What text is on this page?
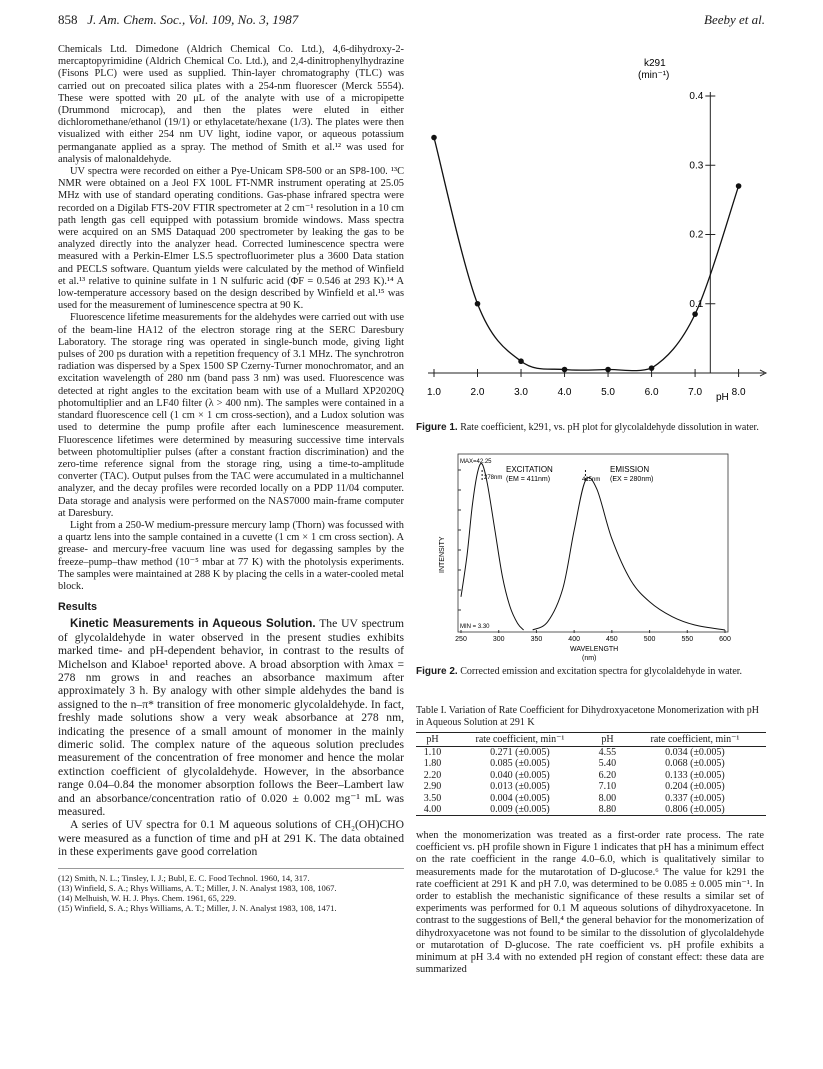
858 J. Am. Chem. Soc., Vol. 109, No. 3, 1987	Beeby et al.

Chemicals Ltd. Dimedone (Aldrich Chemical Co. Ltd.), 4,6-dihydroxy-2-mercaptopyrimidine (Aldrich Chemical Co. Ltd.), and 2,4-dinitrophenylhydrazine (Fisons PLC) were used as supplied. Thin-layer chromatography (TLC) was carried out on precoated silica plates with a 254-nm fluorescer (Merck 5554). These were spotted with 20 μL of the analyte with use of a micropipette (Drummond microcap), and then the plates were eluted in either dichloromethane/ethanol (19/1) or ethylacetate/hexane (1/3). The plates were then visualized with either 254 nm UV light, iodine vapor, or aqueous potassium permanganate applied as a spray. The method of Smith et al.¹² was used for analysis of malonaldehyde.

UV spectra were recorded on either a Pye-Unicam SP8-500 or an SP8-100. ¹³C NMR were obtained on a Jeol FX 100L FT-NMR instrument operating at 25.05 MHz with use of standard operating conditions. Gas-phase infrared spectra were recorded on a Digilab FTS-20V FTIR spectrometer at 2 cm⁻¹ resolution in a 10 cm path length gas cell equipped with potassium bromide windows. Mass spectra were acquired on an SMS Dataquad 200 spectrometer by leaking the gas to be analyzed directly into the analyzer head. Corrected luminescence spectra were measured with a Perkin-Elmer LS.5 spectrofluorimeter plus a 3600 Data station and PECLS software. Quantum yields were calculated by the method of Winfield et al.¹³ relative to quinine sulfate in 1 N sulfuric acid (ΦF = 0.546 at 293 K).¹⁴ A low-temperature accessory based on the design described by Winfield et al.¹⁵ was used for the measurement of luminescence spectra at 90 K.

Fluorescence lifetime measurements for the aldehydes were carried out with use of the beam-line HA12 of the electron storage ring at the SERC Daresbury Laboratory. The storage ring was operated in single-bunch mode, giving light pulses of 200 ps duration with a repetition frequency of 3.1 MHz. The synchrotron radiation was dispersed by a Spex 1500 SP Czerny-Turner monochromator, and an excitation wavelength of 280 nm (band pass 3 nm) was used. Fluorescence was detected at right angles to the excitation beam with use of a Mullard XP2020Q photomultiplier and an LF40 filter (λ > 400 nm). The samples were contained in a standard fluorescence cell (1 cm × 1 cm cross-section), and a Ludox solution was used to determine the pump profile after each luminescence measurement. Fluorescence lifetimes were determined by measuring successive time intervals between photomultiplier pulses (after a constant fraction discrimination) and the zero-time reference signal from the storage ring, using a time-to-amplitude converter (TAC). Output pulses from the TAC were accumulated in a multichannel analyzer, and the decay profiles were recorded locally on a PDP 11/04 computer. Data storage and analysis were performed on the NAS7000 main-frame computer at Daresbury.

Light from a 250-W medium-pressure mercury lamp (Thorn) was focussed with a quartz lens into the sample contained in a cuvette (1 cm × 1 cm cross section). A grease- and mercury-free vacuum line was used for degassing samples by the freeze–pump–thaw method (10⁻⁵ mbar at 77 K) with the photolysis experiments. The samples were maintained at 288 K by placing the cells in a water-cooled metal block.

Results

Kinetic Measurements in Aqueous Solution. The UV spectrum of glycolaldehyde in water observed in the present studies exhibits marked time- and pH-dependent behavior, in contrast to the results of Michelson and Klaboe¹ reported above. A broad absorption with λmax = 278 nm grows in and reaches an absorbance maximum after approximately 3 h. By analogy with other simple aldehydes the band is assigned to the n–π* transition of free monomeric glycolaldehyde. In fact, freshly made solutions show a very weak absorbance at 278 nm, indicating the presence of a small amount of monomer in the mainly dimeric solid. The complex nature of the aqueous solution precludes measurement of the concentration of free monomer and hence the molar extinction coefficient of glycolaldehyde. However, in the absorbance range 0.04–0.84 the monomer absorption follows the Beer–Lambert law and an absorbance/concentration ratio of 0.020 ± 0.002 mg⁻¹ mL was measured.

A series of UV spectra for 0.1 M aqueous solutions of CH₂(OH)CHO were measured as a function of time and pH at 291 K. The data obtained in these experiments gave good correlation

(12) Smith, N. L.; Tinsley, I. J.; Bubl, E. C. Food Technol. 1960, 14, 317.
(13) Winfield, S. A.; Rhys Williams, A. T.; Miller, J. N. Analyst 1983, 108, 1067.
(14) Melhuish, W. H. J. Phys. Chem. 1961, 65, 229.
(15) Winfield, S. A.; Rhys Williams, A. T.; Miller, J. N. Analyst 1983, 108, 1471.
k291
(min⁻¹)
pH
0.1
0.2
0.3
0.4
1.0	2.0	3.0	4.0	5.0	6.0	7.0	8.0
Figure 1. Rate coefficient, k291, vs. pH plot for glycolaldehyde dissolution in water.
MAX=42.25
MIN = 3.30
278nm
EXCITATION
(EM = 411nm)	415nm
EMISSION
(EX = 280nm)
INTENSITY
WAVELENGTH
(nm)
250	300	350	400	450	500	550	600
Figure 2. Corrected emission and excitation spectra for glycolaldehyde in water.
Table I. Variation of Rate Coefficient for Dihydroxyacetone Monomerization with pH in Aqueous Solution at 291 K
pH	rate coefficient, min⁻¹	pH	rate coefficient, min⁻¹
1.10	0.271 (±0.005)	4.55	0.034 (±0.005)
1.80	0.085 (±0.005)	5.40	0.068 (±0.005)
2.20	0.040 (±0.005)	6.20	0.133 (±0.005)
2.90	0.013 (±0.005)	7.10	0.204 (±0.005)
3.50	0.004 (±0.005)	8.00	0.337 (±0.005)
4.00	0.009 (±0.005)	8.80	0.806 (±0.005)

when the monomerization was treated as a first-order rate process. The rate coefficient vs. pH profile shown in Figure 1 indicates that pH has a minimum effect on the rate coefficient in the range 4.0–6.0, which is qualitatively similar to measurements made for the mutarotation of D-glucose.⁶ The value for k291 the rate coefficient at 291 K and pH 7.0, was determined to be 0.085 ± 0.005 min⁻¹. In order to establish the mechanistic significance of these results a similar set of experiments was performed for 0.1 M aqueous solutions of dihydroxyacetone. In contrast to the suggestions of Bell,⁴ the general behavior for the monomerization of dihydroxyacetone was not found to be similar to the dissolution of glycolaldehyde or mutarotation of D-glucose. The rate coefficient vs. pH profile exhibits a minimum at pH 3.4 with no extended pH region of constant effect: these data are summarized
